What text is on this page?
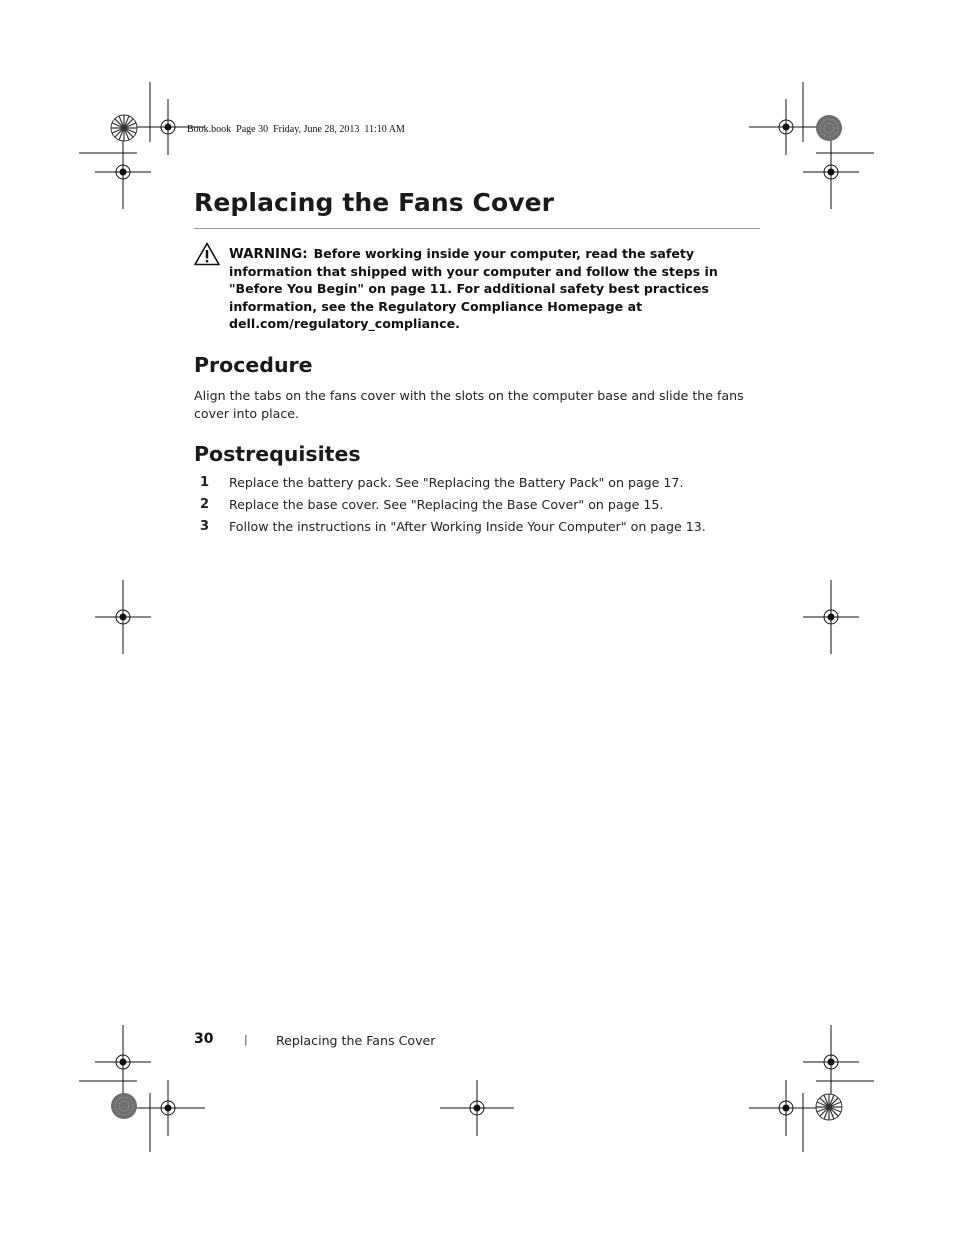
Book.book  Page 30  Friday, June 28, 2013  11:10 AM
Replacing the Fans Cover
WARNING: Before working inside your computer, read the safety information that shipped with your computer and follow the steps in "Before You Begin" on page 11. For additional safety best practices information, see the Regulatory Compliance Homepage at dell.com/regulatory_compliance.
Procedure
Align the tabs on the fans cover with the slots on the computer base and slide the fans cover into place.
Postrequisites
1	Replace the battery pack. See "Replacing the Battery Pack" on page 17.
2	Replace the base cover. See "Replacing the Base Cover" on page 15.
3	Follow the instructions in "After Working Inside Your Computer" on page 13.
30	| Replacing the Fans Cover
